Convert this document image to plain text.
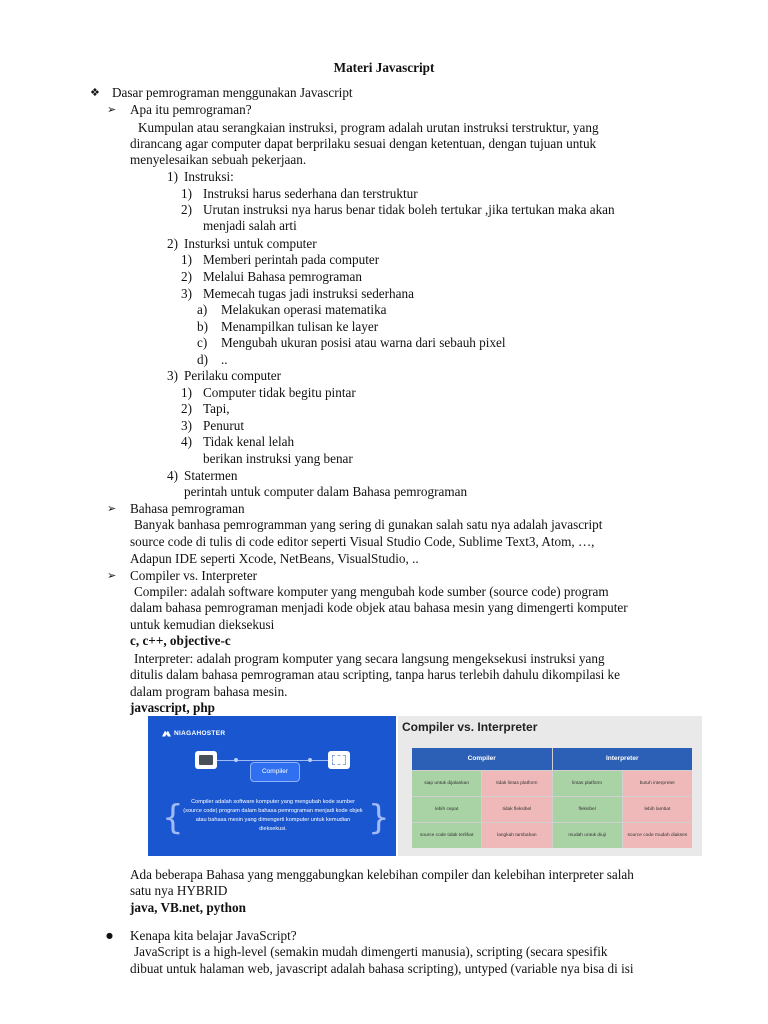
Materi Javascript
❖ Dasar pemrograman menggunakan Javascript
➢ Apa itu pemrograman?
Kumpulan atau serangkaian instruksi, program adalah urutan instruksi terstruktur, yang
dirancang agar computer dapat berprilaku sesuai dengan ketentuan, dengan tujuan untuk
menyelesaikan sebuah pekerjaan.
1) Instruksi:
1) Instruksi harus sederhana dan terstruktur
2) Urutan instruksi nya harus benar tidak boleh tertukar ,jika tertukan maka akan
menjadi salah arti
2) Insturksi untuk computer
1) Memberi perintah pada computer
2) Melalui Bahasa pemrograman
3) Memecah tugas jadi instruksi sederhana
a) Melakukan operasi matematika
b) Menampilkan tulisan ke layer
c) Mengubah ukuran posisi atau warna dari sebauh pixel
d) ..
3) Perilaku computer
1) Computer tidak begitu pintar
2) Tapi,
3) Penurut
4) Tidak kenal lelah
berikan instruksi yang benar
4) Statermen
perintah untuk computer dalam Bahasa pemrograman
➢ Bahasa pemrograman
Banyak banhasa pemrogramman yang sering di gunakan salah satu nya adalah javascript
source code di tulis di code editor seperti Visual Studio Code, Sublime Text3, Atom, …,
Adapun IDE seperti Xcode, NetBeans, VisualStudio, ..
➢ Compiler vs. Interpreter
Compiler: adalah software komputer yang mengubah kode sumber (source code) program
dalam bahasa pemrograman menjadi kode objek atau bahasa mesin yang dimengerti komputer
untuk kemudian dieksekusi
c, c++, objective-c
Interpreter: adalah program komputer yang secara langsung mengeksekusi instruksi yang
ditulis dalam bahasa pemrograman atau scripting, tanpa harus terlebih dahulu dikompilasi ke
dalam program bahasa mesin.
javascript, php
NIAGAHOSTER
Compiler
{	}
Compiler adalah software komputer yang mengubah kode sumber (source code) program dalam bahasa pemrograman menjadi kode objek atau bahasa mesin yang dimengerti komputer untuk kemudian dieksekusi.
Compiler vs. Interpreter
Compiler	Interpreter
siap untuk dijalankan	tidak lintas platform	lintas platform	butuh interpreter
lebih cepat	tidak fleksibel	fleksibel	lebih lambat
source code tidak terlihat	langkah tambahan	mudah untuk diuji	source code mudah diakses
Ada beberapa Bahasa yang menggabungkan kelebihan compiler dan kelebihan interpreter salah
satu nya HYBRID
java, VB.net, python
● Kenapa kita belajar JavaScript?
JavaScript is a high-level (semakin mudah dimengerti manusia), scripting (secara spesifik
dibuat untuk halaman web, javascript adalah bahasa scripting), untyped (variable nya bisa di isi
